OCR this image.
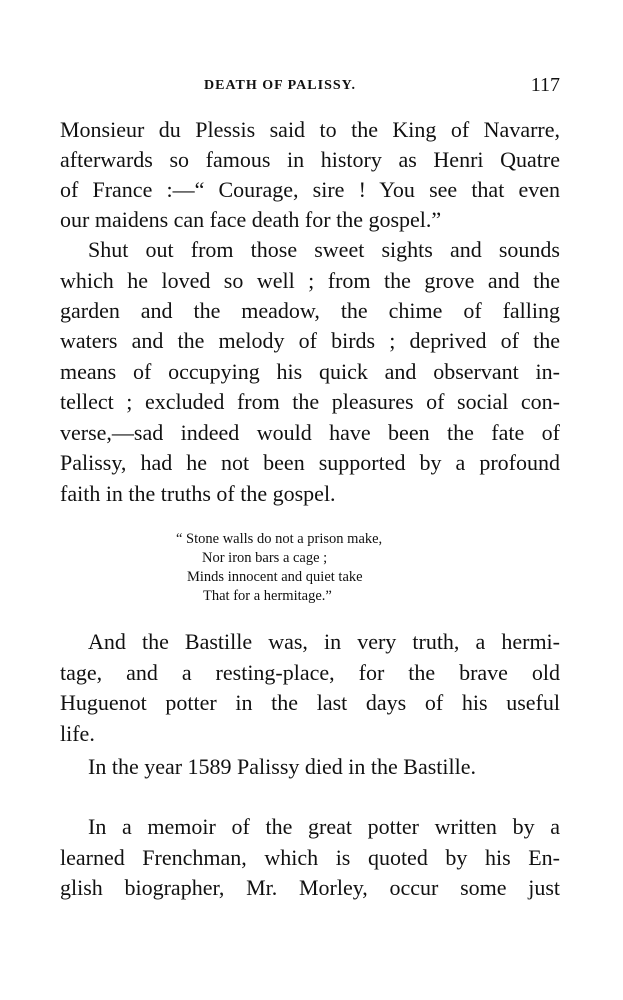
DEATH OF PALISSY.	117
Monsieur du Plessis said to the King of Navarre,
afterwards so famous in history as Henri Quatre
of France :—“ Courage, sire ! You see that even
our maidens can face death for the gospel.”
Shut out from those sweet sights and sounds
which he loved so well ; from the grove and the
garden and the meadow, the chime of falling
waters and the melody of birds ; deprived of the
means of occupying his quick and observant in-
tellect ; excluded from the pleasures of social con-
verse,—sad indeed would have been the fate of
Palissy, had he not been supported by a profound
faith in the truths of the gospel.
“ Stone walls do not a prison make,
Nor iron bars a cage ;
Minds innocent and quiet take
That for a hermitage.”
And the Bastille was, in very truth, a hermi-
tage, and a resting-place, for the brave old
Huguenot potter in the last days of his useful
life.
In the year 1589 Palissy died in the Bastille.
In a memoir of the great potter written by a
learned Frenchman, which is quoted by his En-
glish biographer, Mr. Morley, occur some just
